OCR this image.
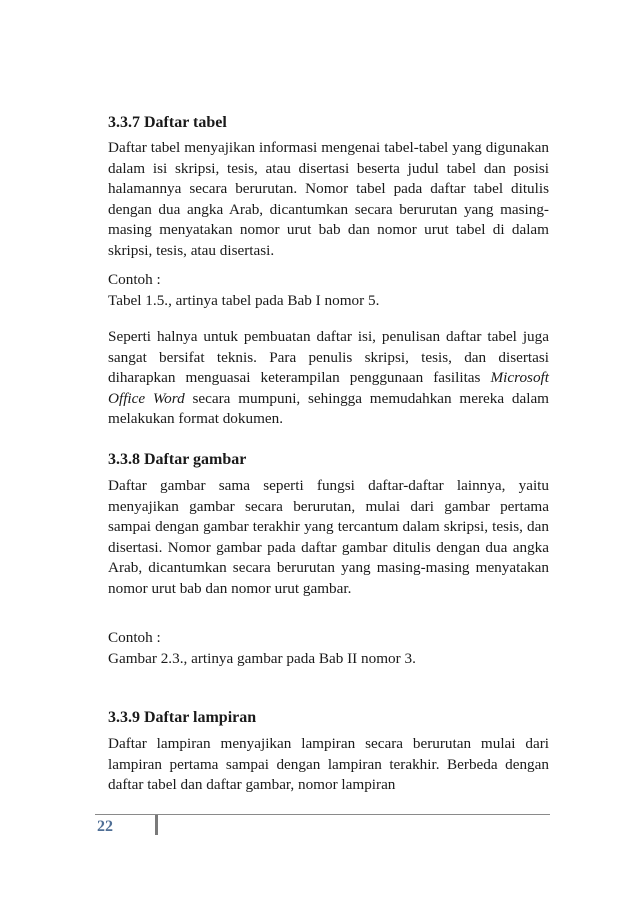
3.3.7 Daftar tabel

Daftar tabel menyajikan informasi mengenai tabel-tabel yang digunakan dalam isi skripsi, tesis, atau disertasi beserta judul tabel dan posisi halamannya secara berurutan. Nomor tabel pada daftar tabel ditulis dengan dua angka Arab, dicantumkan secara berurutan yang masing-masing menyatakan nomor urut bab dan nomor urut tabel di dalam skripsi, tesis, atau disertasi.

Contoh :

Tabel 1.5., artinya tabel pada Bab I nomor 5.

Seperti halnya untuk pembuatan daftar isi, penulisan daftar tabel juga sangat bersifat teknis. Para penulis skripsi, tesis, dan disertasi diharapkan menguasai keterampilan penggunaan fasilitas Microsoft Office Word secara mumpuni, sehingga memudahkan mereka dalam melakukan format dokumen.

3.3.8 Daftar gambar

Daftar gambar sama seperti fungsi daftar-daftar lainnya, yaitu menyajikan gambar secara berurutan, mulai dari gambar pertama sampai dengan gambar terakhir yang tercantum dalam skripsi, tesis, dan disertasi. Nomor gambar pada daftar gambar ditulis dengan dua angka Arab, dicantumkan secara berurutan yang masing-masing menyatakan nomor urut bab dan nomor urut gambar.

Contoh :

Gambar 2.3., artinya gambar pada Bab II nomor 3.

3.3.9 Daftar lampiran

Daftar lampiran menyajikan lampiran secara berurutan mulai dari lampiran pertama sampai dengan lampiran terakhir. Berbeda dengan daftar tabel dan daftar gambar, nomor lampiran

22
